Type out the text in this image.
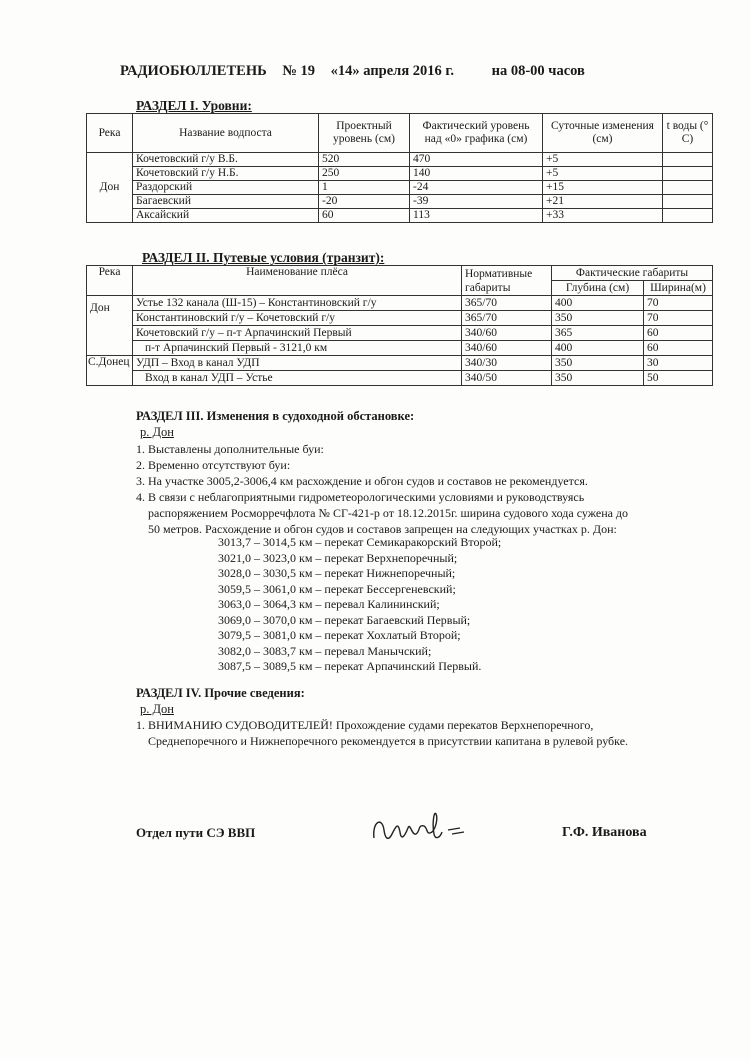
РАДИОБЮЛЛЕТЕНЬ № 19 «14» апреля 2016 г.	на 08-00 часов
РАЗДЕЛ I. Уровни:
Река	Название водпоста	Проектный уровень (см)	Фактический уровень над «0» графика (см)	Суточные изменения (см)	t воды (° C)
Дон	Кочетовский г/у В.Б.	520	470	+5	
	Кочетовский г/у Н.Б.	250	140	+5	
	Раздорский	1	-24	+15	
	Багаевский	-20	-39	+21	
	Аксайский	60	113	+33	
РАЗДЕЛ II. Путевые условия (транзит):
Река	Наименование плёса	Нормативные габариты	Фактические габариты	
			Глубина (см)	Ширина(м)
Дон	Устье 132 канала (Ш-15) – Константиновский г/у	365/70	400	70
	Константиновский г/у – Кочетовский г/у	365/70	350	70
	Кочетовский г/у – п-т Арпачинский Первый	340/60	365	60
	п-т Арпачинский Первый - 3121,0 км	340/60	400	60
С.Донец	УДП – Вход в канал УДП	340/30	350	30
	Вход в канал УДП – Устье	340/50	350	50
РАЗДЕЛ III. Изменения в судоходной обстановке:
р. Дон
1. Выставлены дополнительные буи:
2. Временно отсутствуют буи:
3. На участке 3005,2-3006,4 км расхождение и обгон судов и составов не рекомендуется.
4. В связи с неблагоприятными гидрометеорологическими условиями и руководствуясь
распоряжением Росморречфлота № СГ-421-р от 18.12.2015г. ширина судового хода сужена до
50 метров. Расхождение и обгон судов и составов запрещен на следующих участках р. Дон:
3013,7 – 3014,5 км – перекат Семикаракорский Второй;
3021,0 – 3023,0 км – перекат Верхнепоречный;
3028,0 – 3030,5 км – перекат Нижнепоречный;
3059,5 – 3061,0 км – перекат Бессергеневский;
3063,0 – 3064,3 км – перевал Калининский;
3069,0 – 3070,0 км – перекат Багаевский Первый;
3079,5 – 3081,0 км – перекат Хохлатый Второй;
3082,0 – 3083,7 км – перевал Манычский;
3087,5 – 3089,5 км – перекат Арпачинский Первый.
РАЗДЕЛ IV. Прочие сведения:
р. Дон
1. ВНИМАНИЮ СУДОВОДИТЕЛЕЙ! Прохождение судами перекатов Верхнепоречного,
Среднепоречного и Нижнепоречного рекомендуется в присутствии капитана в рулевой рубке.
Отдел пути СЭ ВВП	Г.Ф. Иванова
